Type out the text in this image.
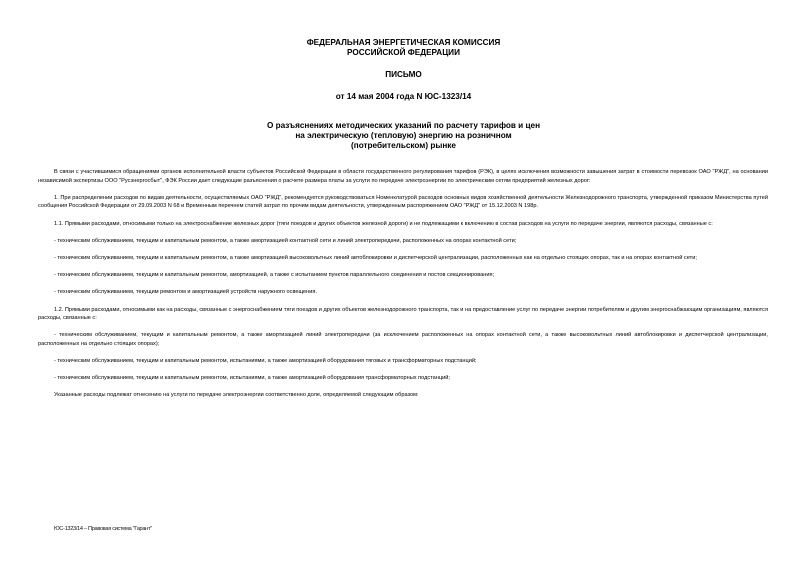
ФЕДЕРАЛЬНАЯ ЭНЕРГЕТИЧЕСКАЯ КОМИССИЯ
РОССИЙСКОЙ ФЕДЕРАЦИИ
ПИСЬМО
от 14 мая 2004 года N ЮС-1323/14
О разъяснениях методических указаний по расчету тарифов и цен
на электрическую (тепловую) энергию на розничном
(потребительском) рынке

В связи с участившимися обращениями органов исполнительной власти субъектов Российской Федерации в области государственного регулирования тарифов (РЭК), в целях исключения возможности завышения затрат в стоимости перевозок ОАО "РЖД", на основании независимой экспертизы ООО "Русэнергосбыт", ФЭК России дает следующие разъяснения о расчете размера платы за услуги по передаче электроэнергии по электрическим сетям предприятий железных дорог:

1. При распределении расходов по видам деятельности, осуществляемых ОАО "РЖД", рекомендуется руководствоваться Номенклатурой расходов основных видов хозяйственной деятельности Железнодорожного транспорта, утвержденной приказом Министерства путей сообщения Российской Федерации от 29.09.2003 N 68 и Временным перечнем статей затрат по прочим видам деятельности, утвержденным распоряжением ОАО "РЖД" от 15.12.2003 N 198р.

1.1. Прямыми расходами, относимыми только на электроснабжение железных дорог (тяги поездов и других объектов железной дороги) и не подлежащими к включению в состав расходов на услуги по передаче энергии, являются расходы, связанные с:

- техническим обслуживанием, текущим и капитальным ремонтом, а также амортизацией контактной сети и линий электропередачи, расположенных на опорах контактной сети;

- техническим обслуживанием, текущим и капитальным ремонтом, а также амортизацией высоковольтных линий автоблокировки и диспетчерской централизации, расположенных как на отдельно стоящих опорах, так и на опорах контактной сети;

- техническим обслуживанием, текущим и капитальным ремонтом, амортизацией, а также с испытанием пунктов параллельного соединения и постов секционирования;

- техническим обслуживанием, текущим ремонтом и амортизацией устройств наружного освещения.

1.2. Прямыми расходами, относимыми как на расходы, связанные с энергоснабжением тяги поездов и других объектов железнодорожного транспорта, так и на предоставление услуг по передаче энергии потребителям и другим энергоснабжающим организациям, являются расходы, связанные с:

- техническим обслуживанием, текущим и капитальным ремонтом, а также амортизацией линий электропередачи (за исключением расположенных на опорах контактной сети, а также высоковольтных линий автоблокировки и диспетчерской централизации, расположенных на отдельно стоящих опорах);

- техническим обслуживанием, текущим и капитальным ремонтом, испытаниями, а также амортизацией оборудования тяговых и трансформаторных подстанций;

- техническим обслуживанием, текущим и капитальным ремонтом, испытаниями, а также амортизацией оборудования трансформаторных подстанций;

Указанные расходы подлежат отнесению на услуги по передаче электроэнергии соответственно доле, определяемой следующим образом:

ЮС-1323/14 – Правовая система "Гарант"
